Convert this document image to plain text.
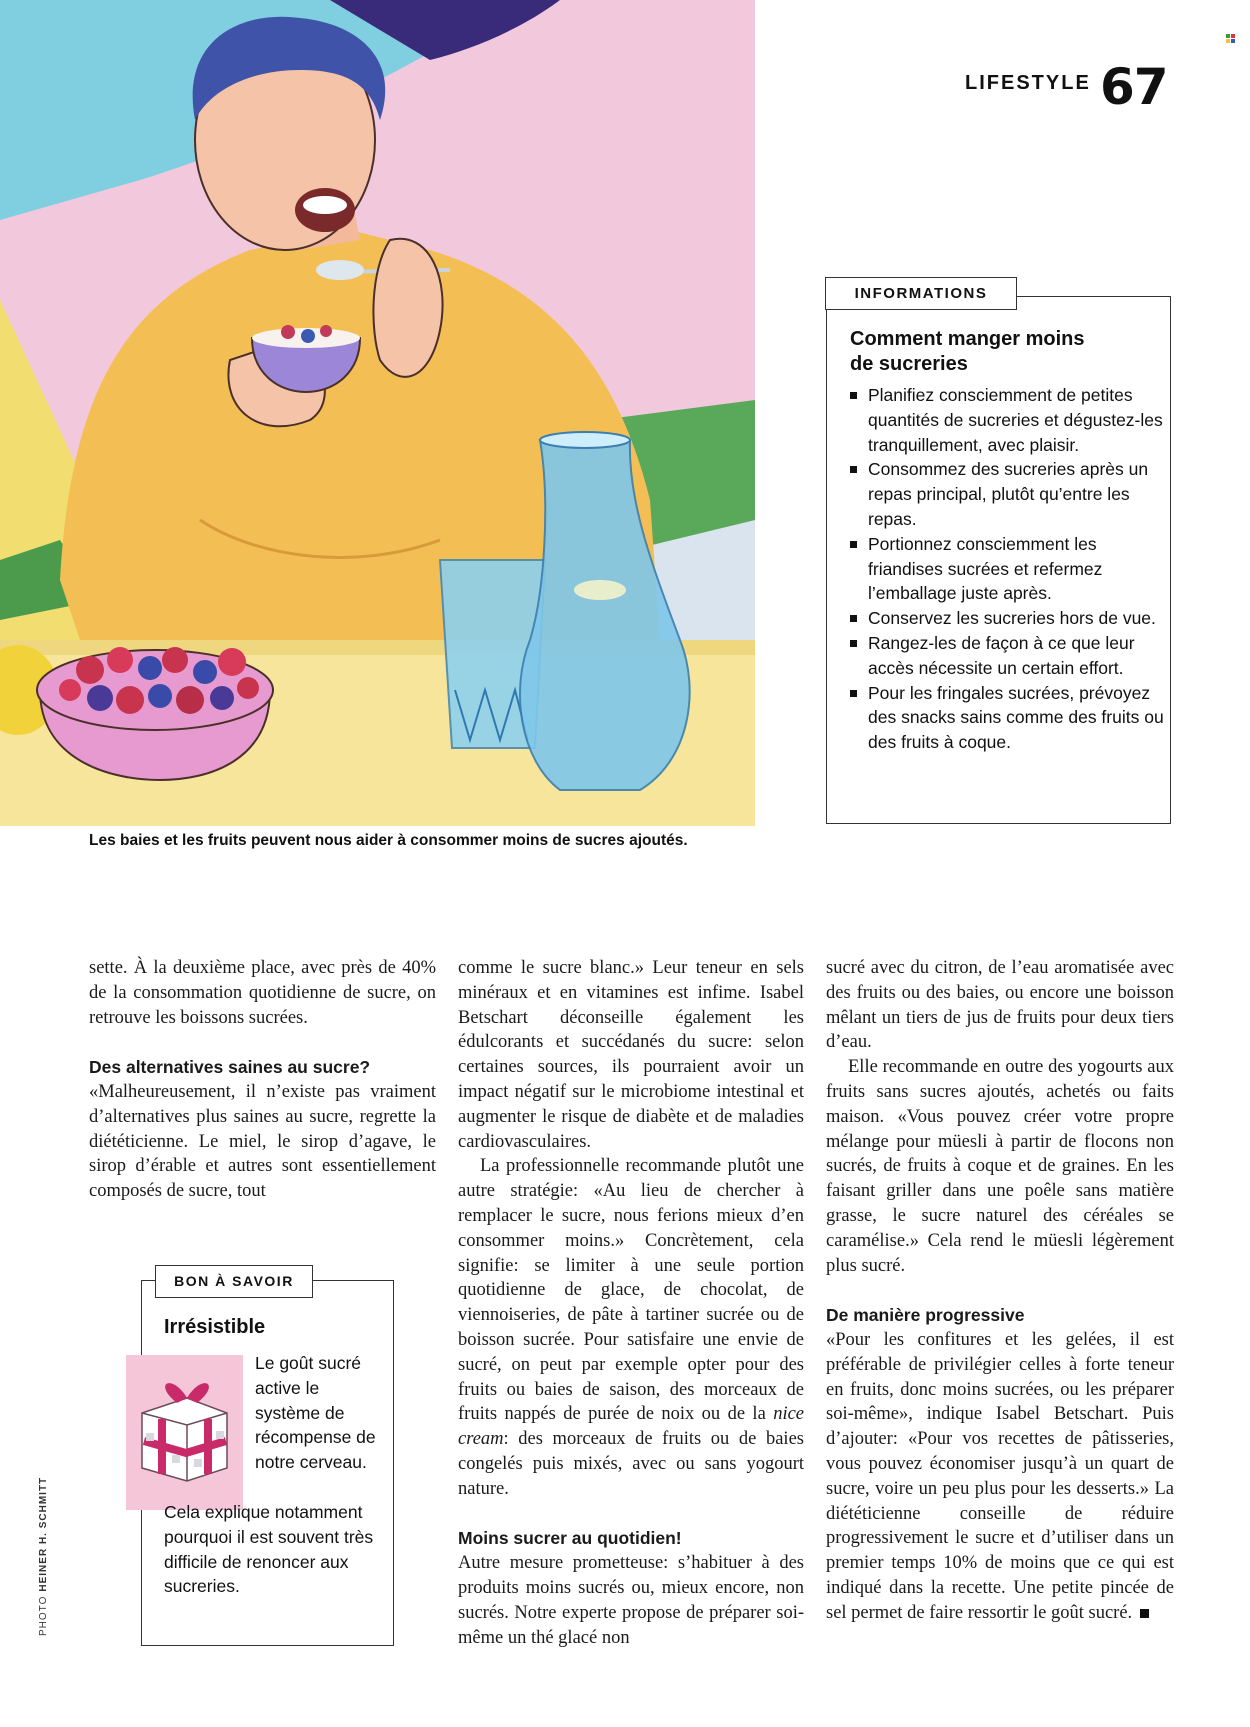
LIFESTYLE 67
INFORMATIONS
Comment manger moins
de sucreries
Planifiez consciemment de petites quantités de sucreries et dégustez-les tranquillement, avec plaisir.
Consommez des sucreries après un repas principal, plutôt qu’entre les repas.
Portionnez consciemment les friandises sucrées et refermez l’emballage juste après.
Conservez les sucreries hors de vue.
Rangez-les de façon à ce que leur accès nécessite un certain effort.
Pour les fringales sucrées, prévoyez des snacks sains comme des fruits ou des fruits à coque.
Les baies et les fruits peuvent nous aider à consommer moins de sucres ajoutés.

sette. À la deuxième place, avec près de 40% de la consommation quotidienne de sucre, on retrouve les boissons sucrées.

Des alternatives saines au sucre?

«Malheureusement, il n’existe pas vraiment d’alternatives plus saines au sucre, regrette la diététicienne. Le miel, le sirop d’agave, le sirop d’érable et autres sont essentiellement composés de sucre, tout

comme le sucre blanc.» Leur teneur en sels minéraux et en vitamines est infime. Isabel Betschart déconseille également les édulcorants et succédanés du sucre: selon certaines sources, ils pourraient avoir un impact négatif sur le microbiome intestinal et augmenter le risque de diabète et de maladies cardiovasculaires.

La professionnelle recommande plutôt une autre stratégie: «Au lieu de chercher à remplacer le sucre, nous ferions mieux d’en consommer moins.» Concrètement, cela signifie: se limiter à une seule portion quotidienne de glace, de chocolat, de viennoiseries, de pâte à tartiner sucrée ou de boisson sucrée. Pour satisfaire une envie de sucré, on peut par exemple opter pour des fruits ou baies de saison, des morceaux de fruits nappés de purée de noix ou de la nice cream: des morceaux de fruits ou de baies congelés puis mixés, avec ou sans yogourt nature.

Moins sucrer au quotidien!

Autre mesure prometteuse: s’habituer à des produits moins sucrés ou, mieux encore, non sucrés. Notre experte propose de préparer soi-même un thé glacé non

sucré avec du citron, de l’eau aromatisée avec des fruits ou des baies, ou encore une boisson mêlant un tiers de jus de fruits pour deux tiers d’eau.

Elle recommande en outre des yogourts aux fruits sans sucres ajoutés, achetés ou faits maison. «Vous pouvez créer votre propre mélange pour müesli à partir de flocons non sucrés, de fruits à coque et de graines. En les faisant griller dans une poêle sans matière grasse, le sucre naturel des céréales se caramélise.» Cela rend le müesli légèrement plus sucré.

De manière progressive

«Pour les confitures et les gelées, il est préférable de privilégier celles à forte teneur en fruits, donc moins sucrées, ou les préparer soi-même», indique Isabel Betschart. Puis d’ajouter: «Pour vos recettes de pâtisseries, vous pouvez économiser jusqu’à un quart de sucre, voire un peu plus pour les desserts.» La diététicienne conseille de réduire progressivement le sucre et d’utiliser dans un premier temps 10% de moins que ce qui est indiqué dans la recette. Une petite pincée de sel permet de faire ressortir le goût sucré.

BON À SAVOIR
Irrésistible
Le goût sucré active le système de récompense de notre cerveau.
Cela explique notamment pourquoi il est souvent très difficile de renoncer aux sucreries.
PHOTOHEINER H. SCHMITT
